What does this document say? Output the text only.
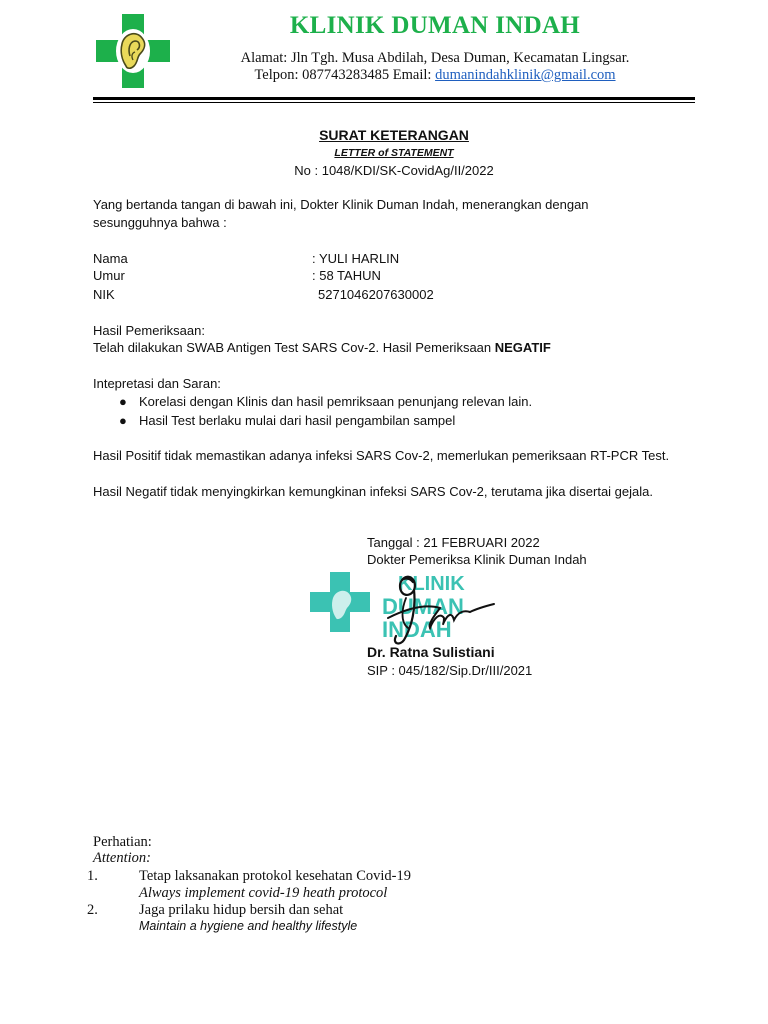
KLINIK DUMAN INDAH
Alamat: Jln Tgh. Musa Abdilah, Desa Duman, Kecamatan Lingsar.
Telpon: 087743283485 Email: dumanindahklinik@gmail.com
SURAT KETERANGAN
LETTER of STATEMENT
No : 1048/KDI/SK-CovidAg/II/2022
Yang bertanda tangan di bawah ini, Dokter Klinik Duman Indah, menerangkan dengan
sesungguhnya bahwa :
Nama	: YULI HARLIN
Umur	: 58 TAHUN
NIK	5271046207630002
Hasil Pemeriksaan:
Telah dilakukan SWAB Antigen Test SARS Cov-2. Hasil Pemeriksaan NEGATIF
Intepretasi dan Saran:
● Korelasi dengan Klinis dan hasil pemriksaan penunjang relevan lain.
● Hasil Test berlaku mulai dari hasil pengambilan sampel
Hasil Positif tidak memastikan adanya infeksi SARS Cov-2, memerlukan pemeriksaan RT-PCR Test.
Hasil Negatif tidak menyingkirkan kemungkinan infeksi SARS Cov-2, terutama jika disertai gejala.
Tanggal : 21 FEBRUARI 2022
Dokter Pemeriksa Klinik Duman Indah
KLINIK
DUMAN
INDAH
Dr. Ratna Sulistiani
SIP : 045/182/Sip.Dr/III/2021
Perhatian:
Attention:
1.	Tetap laksanakan protokol kesehatan Covid-19
Always implement covid-19 heath protocol
2.	Jaga prilaku hidup bersih dan sehat
Maintain a hygiene and healthy lifestyle
